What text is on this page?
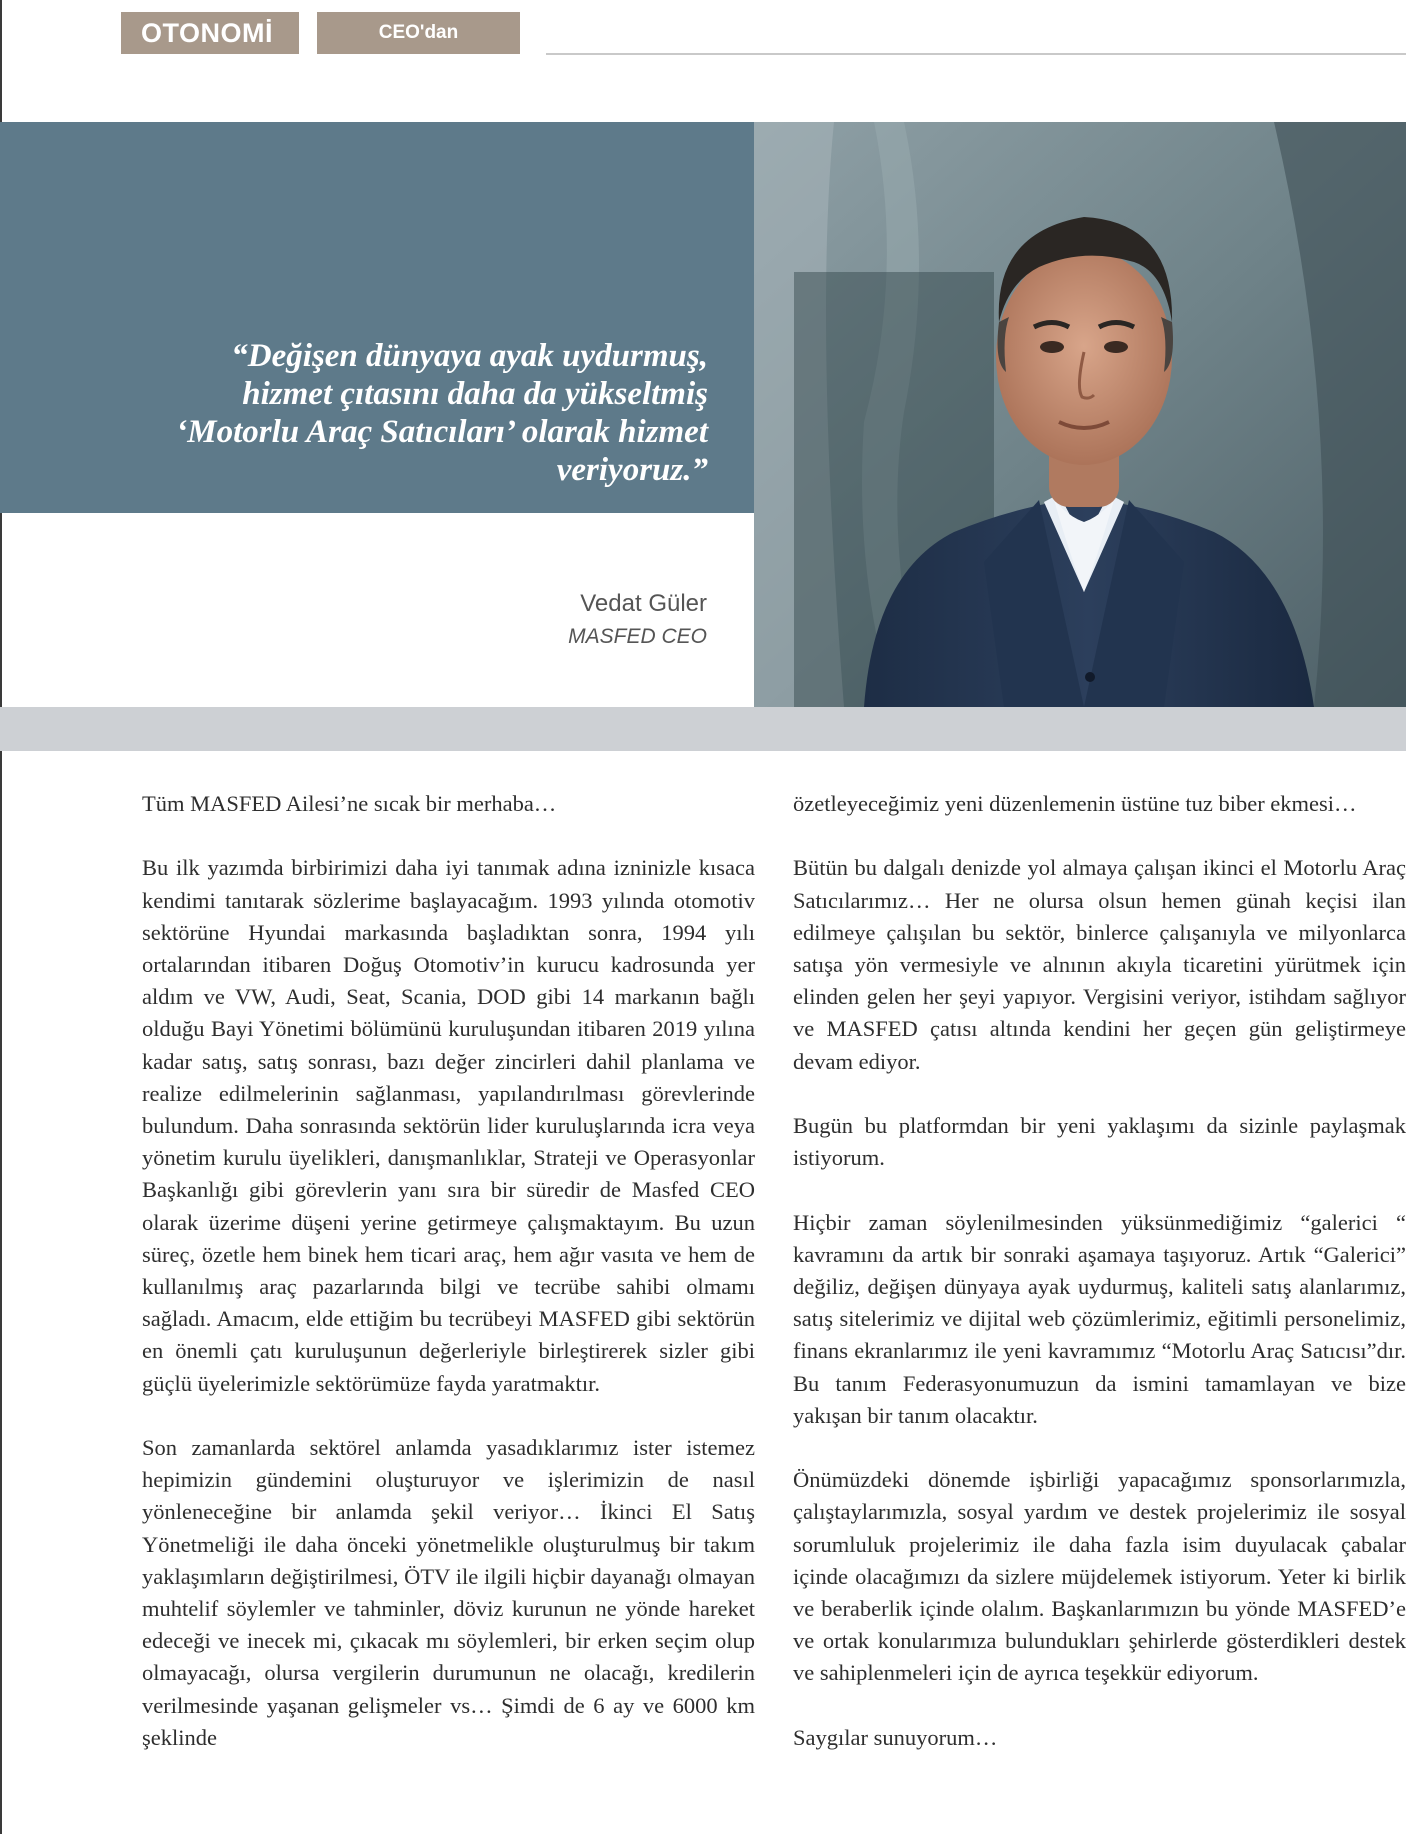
OTONOMİ	CEO'dan
“Değişen dünyaya ayak uydurmuş, hizmet çıtasını daha da yükseltmiş ‘Motorlu Araç Satıcıları’ olarak hizmet veriyoruz.”
Vedat Güler
MASFED CEO

Tüm MASFED Ailesi’ne sıcak bir merhaba…

Bu ilk yazımda birbirimizi daha iyi tanımak adına izninizle kısaca kendimi tanıtarak sözlerime başlayacağım. 1993 yılında otomotiv sektörüne Hyundai markasında başladıktan sonra, 1994 yılı ortalarından itibaren Doğuş Otomotiv’in kurucu kadrosunda yer aldım ve VW, Audi, Seat, Scania, DOD gibi 14 markanın bağlı olduğu Bayi Yönetimi bölümünü kuruluşundan itibaren 2019 yılına kadar satış, satış sonrası, bazı değer zincirleri dahil planlama ve realize edilmelerinin sağlanması, yapılandırılması görevlerinde bulundum. Daha sonrasında sektörün lider kuruluşlarında icra veya yönetim kurulu üyelikleri, danışmanlıklar, Strateji ve Operasyonlar Başkanlığı gibi görevlerin yanı sıra bir süredir de Masfed CEO olarak üzerime düşeni yerine getirmeye çalışmaktayım. Bu uzun süreç, özetle hem binek hem ticari araç, hem ağır vasıta ve hem de kullanılmış araç pazarlarında bilgi ve tecrübe sahibi olmamı sağladı. Amacım, elde ettiğim bu tecrübeyi MASFED gibi sektörün en önemli çatı kuruluşunun değerleriyle birleştirerek sizler gibi güçlü üyelerimizle sektörümüze fayda yaratmaktır.

Son zamanlarda sektörel anlamda yasadıklarımız ister istemez hepimizin gündemini oluşturuyor ve işlerimizin de nasıl yönleneceğine bir anlamda şekil veriyor… İkinci El Satış Yönetmeliği ile daha önceki yönetmelikle oluşturulmuş bir takım yaklaşımların değiştirilmesi, ÖTV ile ilgili hiçbir dayanağı olmayan muhtelif söylemler ve tahminler, döviz kurunun ne yönde hareket edeceği ve inecek mi, çıkacak mı söylemleri, bir erken seçim olup olmayacağı, olursa vergilerin durumunun ne olacağı, kredilerin verilmesinde yaşanan gelişmeler vs… Şimdi de 6 ay ve 6000 km şeklinde

özetleyeceğimiz yeni düzenlemenin üstüne tuz biber ekmesi…

Bütün bu dalgalı denizde yol almaya çalışan ikinci el Motorlu Araç Satıcılarımız… Her ne olursa olsun hemen günah keçisi ilan edilmeye çalışılan bu sektör, binlerce çalışanıyla ve milyonlarca satışa yön vermesiyle ve alnının akıyla ticaretini yürütmek için elinden gelen her şeyi yapıyor. Vergisini veriyor, istihdam sağlıyor ve MASFED çatısı altında kendini her geçen gün geliştirmeye devam ediyor.

Bugün bu platformdan bir yeni yaklaşımı da sizinle paylaşmak istiyorum.

Hiçbir zaman söylenilmesinden yüksünmediğimiz “galerici “ kavramını da artık bir sonraki aşamaya taşıyoruz. Artık “Galerici” değiliz, değişen dünyaya ayak uydurmuş, kaliteli satış alanlarımız, satış sitelerimiz ve dijital web çözümlerimiz, eğitimli personelimiz, finans ekranlarımız ile yeni kavramımız “Motorlu Araç Satıcısı”dır. Bu tanım Federasyonumuzun da ismini tamamlayan ve bize yakışan bir tanım olacaktır.

Önümüzdeki dönemde işbirliği yapacağımız sponsorlarımızla, çalıştaylarımızla, sosyal yardım ve destek projelerimiz ile sosyal sorumluluk projelerimiz ile daha fazla isim duyulacak çabalar içinde olacağımızı da sizlere müjdelemek istiyorum. Yeter ki birlik ve beraberlik içinde olalım. Başkanlarımızın bu yönde MASFED’e ve ortak konularımıza bulundukları şehirlerde gösterdikleri destek ve sahiplenmeleri için de ayrıca teşekkür ediyorum.

Saygılar sunuyorum…
